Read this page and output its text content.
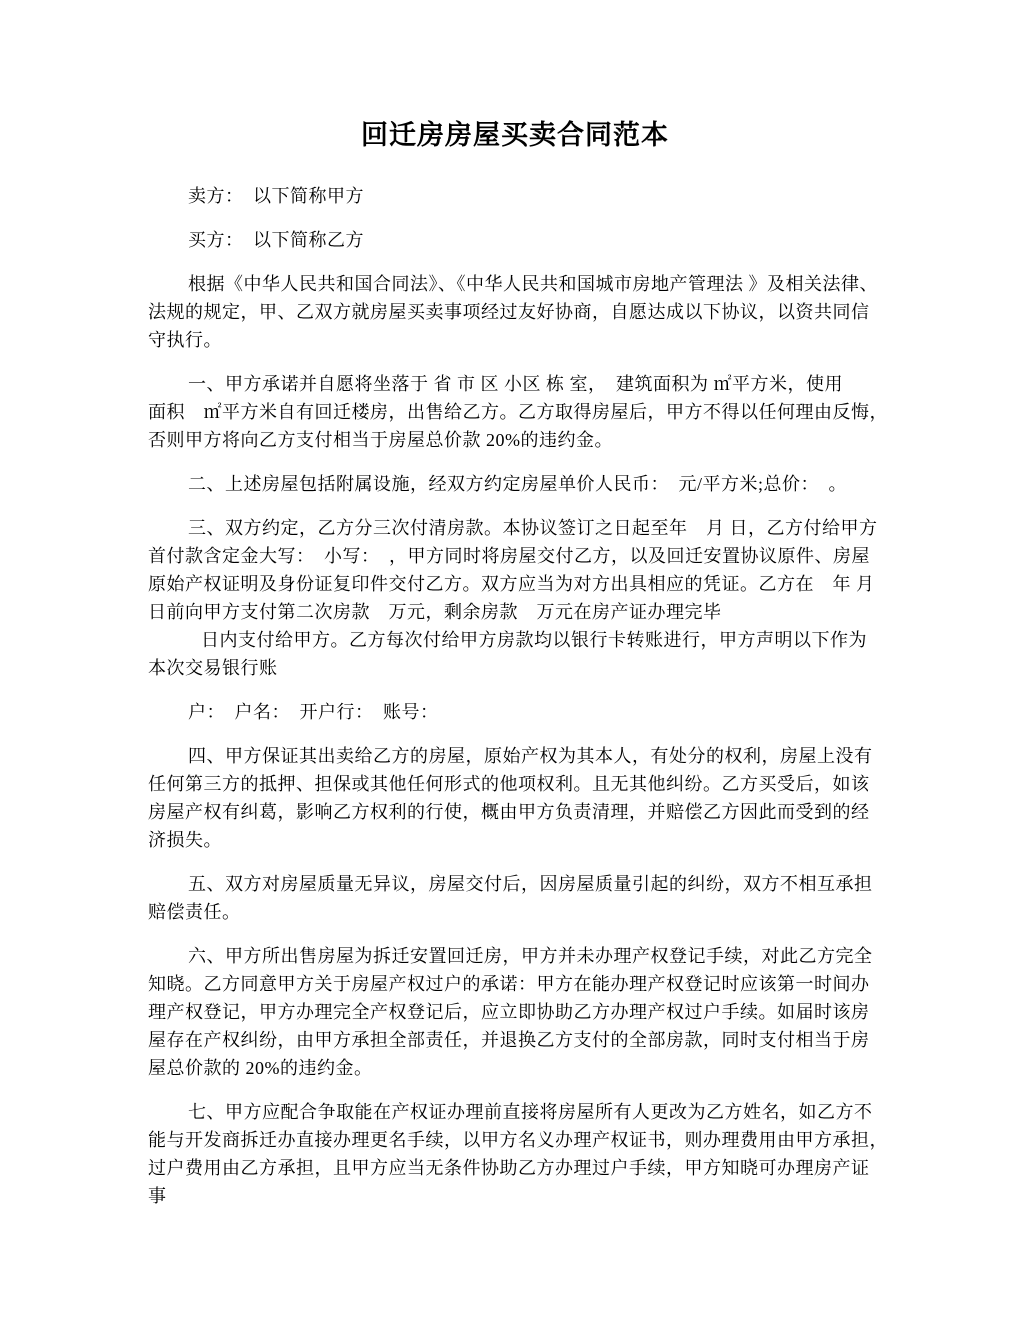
回迁房房屋买卖合同范本
卖方：　以下简称甲方
买方：　以下简称乙方
根据《中华人民共和国合同法》、《中华人民共和国城市房地产管理法 》及相关法律、
法规的规定，甲、乙双方就房屋买卖事项经过友好协商，自愿达成以下协议，以资共同信
守执行。
一、甲方承诺并自愿将坐落于 省 市 区 小区 栋 室，　建筑面积为 ㎡平方米，使用
面积　㎡平方米自有回迁楼房，出售给乙方。乙方取得房屋后，甲方不得以任何理由反悔，
否则甲方将向乙方支付相当于房屋总价款 20%的违约金。
二、上述房屋包括附属设施，经双方约定房屋单价人民币：　元/平方米;总价：　。
三、双方约定，乙方分三次付清房款。本协议签订之日起至年　月 日，乙方付给甲方
首付款含定金大写：　小写：　，甲方同时将房屋交付乙方，以及回迁安置协议原件、房屋
原始产权证明及身份证复印件交付乙方。双方应当为对方出具相应的凭证。乙方在　年 月
日前向甲方支付第二次房款　万元，剩余房款　万元在房产证办理完毕
日内支付给甲方。乙方每次付给甲方房款均以银行卡转账进行，甲方声明以下作为
本次交易银行账
户：　户名：　开户行：　账号：
四、甲方保证其出卖给乙方的房屋，原始产权为其本人，有处分的权利，房屋上没有
任何第三方的抵押、担保或其他任何形式的他项权利。且无其他纠纷。乙方买受后，如该
房屋产权有纠葛，影响乙方权利的行使，概由甲方负责清理，并赔偿乙方因此而受到的经
济损失。
五、双方对房屋质量无异议，房屋交付后，因房屋质量引起的纠纷，双方不相互承担
赔偿责任。
六、甲方所出售房屋为拆迁安置回迁房，甲方并未办理产权登记手续，对此乙方完全
知晓。乙方同意甲方关于房屋产权过户的承诺：甲方在能办理产权登记时应该第一时间办
理产权登记，甲方办理完全产权登记后，应立即协助乙方办理产权过户手续。如届时该房
屋存在产权纠纷，由甲方承担全部责任，并退换乙方支付的全部房款，同时支付相当于房
屋总价款的 20%的违约金。
七、甲方应配合争取能在产权证办理前直接将房屋所有人更改为乙方姓名，如乙方不
能与开发商拆迁办直接办理更名手续，以甲方名义办理产权证书，则办理费用由甲方承担，
过户费用由乙方承担，且甲方应当无条件协助乙方办理过户手续，甲方知晓可办理房产证
事
